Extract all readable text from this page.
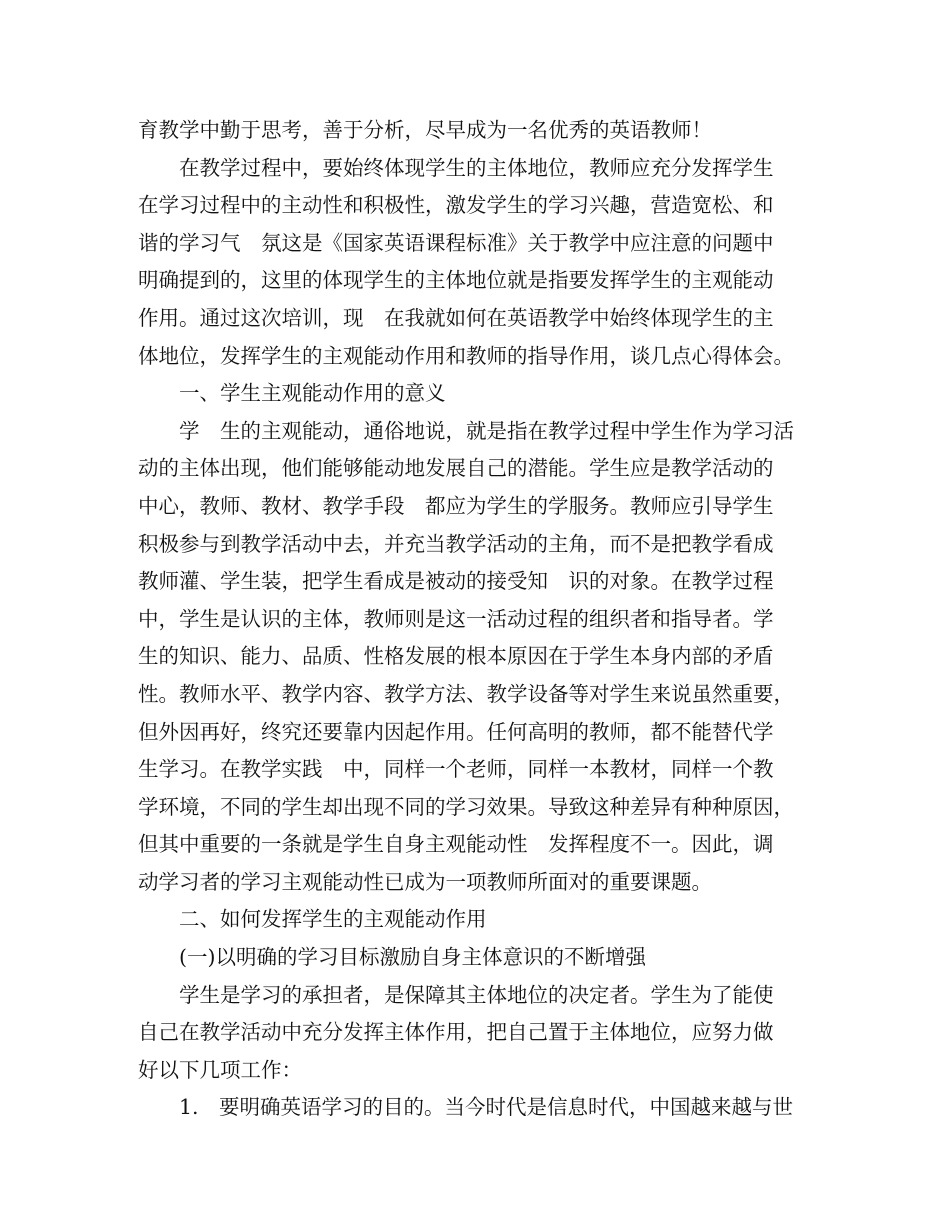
育教学中勤于思考，善于分析，尽早成为一名优秀的英语教师！
　　在教学过程中，要始终体现学生的主体地位，教师应充分发挥学生
在学习过程中的主动性和积极性，激发学生的学习兴趣，营造宽松、和
谐的学习气　氛这是《国家英语课程标准》关于教学中应注意的问题中
明确提到的，这里的体现学生的主体地位就是指要发挥学生的主观能动
作用。通过这次培训，现　在我就如何在英语教学中始终体现学生的主
体地位，发挥学生的主观能动作用和教师的指导作用，谈几点心得体会。
　　一、学生主观能动作用的意义
　　学　生的主观能动，通俗地说，就是指在教学过程中学生作为学习活
动的主体出现，他们能够能动地发展自己的潜能。学生应是教学活动的
中心，教师、教材、教学手段　都应为学生的学服务。教师应引导学生
积极参与到教学活动中去，并充当教学活动的主角，而不是把教学看成
教师灌、学生装，把学生看成是被动的接受知　识的对象。在教学过程
中，学生是认识的主体，教师则是这一活动过程的组织者和指导者。学
生的知识、能力、品质、性格发展的根本原因在于学生本身内部的矛盾
性。教师水平、教学内容、教学方法、教学设备等对学生来说虽然重要，
但外因再好，终究还要靠内因起作用。任何高明的教师，都不能替代学
生学习。在教学实践　中，同样一个老师，同样一本教材，同样一个教
学环境，不同的学生却出现不同的学习效果。导致这种差异有种种原因，
但其中重要的一条就是学生自身主观能动性　发挥程度不一。因此，调
动学习者的学习主观能动性已成为一项教师所面对的重要课题。
　　二、如何发挥学生的主观能动作用
　　(一)以明确的学习目标激励自身主体意识的不断增强
　　学生是学习的承担者，是保障其主体地位的决定者。学生为了能使
自己在教学活动中充分发挥主体作用，把自己置于主体地位，应努力做
好以下几项工作：
　　1.　要明确英语学习的目的。当今时代是信息时代，中国越来越与世
